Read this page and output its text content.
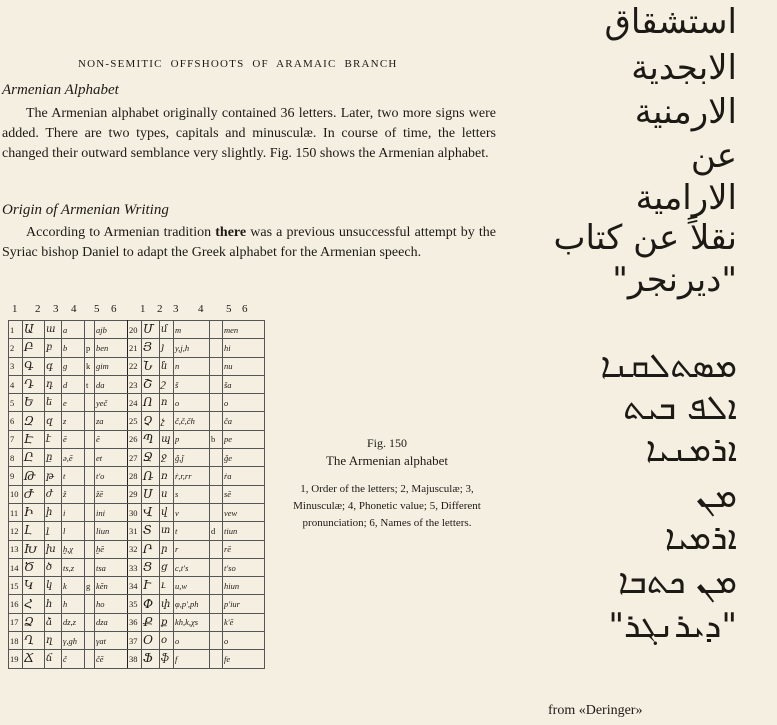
NON-SEMITIC OFFSHOOTS OF ARAMAIC BRANCH
Armenian Alphabet

The Armenian alphabet originally contained 36 letters. Later, two more signs were added. There are two types, capitals and minusculæ. In course of time, the letters changed their outward semblance very slightly. Fig. 150 shows the Armenian alphabet.

Origin of Armenian Writing

According to Armenian tradition there was a previous unsuccessful attempt by the Syriac bishop Daniel to adapt the Greek alphabet for the Armenian speech.

1 2 3 4 5 6 1 2 3 4 5 6
1	Ա	ա	a		ajb	20	Մ	մ	m		men
2	Բ	բ	b	p	ben	21	Յ	յ	y,j,h		hi
3	Գ	գ	g	k	gim	22	Ն	ն	n		nu
4	Դ	դ	d	t	da	23	Շ	շ	š		ša
5	Ե	ե	e		yeč	24	Ո	ո	o		o
6	Զ	զ	z		za	25	Չ	չ	č,č,čh		ča
7	Է	է	ē		ē	26	Պ	պ	p	b	pe
8	Ը	ը	ə,ē		et	27	Ջ	ջ	ǧ,ǰ		ǧe
9	Թ	թ	t		t'o	28	Ռ	ռ	ṙ,r,rr		ṙa
10	Ժ	ժ	ž		žē	29	Ս	ս	s		sē
11	Ի	ի	i		ini	30	Վ	վ	v		vew
12	Լ	լ	l		liun	31	Տ	տ	t	d	tiun
13	Խ	խ	ḫ,χ		ḫē	32	Ր	ր	r		rē
14	Ծ	ծ	ts,z		tsa	33	Ց	ց	c,t's		t'so
15	Կ	կ	k	g	kēn	34	Ւ	ւ	u,w		hiun
16	Հ	հ	h		ho	35	Փ	փ	φ,p',ph		p'iur
17	Ձ	ձ	dz,z		dza	36	Ք	ք	kh,k,χs		k'ē
18	Ղ	ղ	γ,gh		γat	37	Օ	օ	o		o
19	Ճ	ճ	č		čē	38	Ֆ	ֆ	f		fe
Fig. 150
The Armenian alphabet
1, Order of the letters; 2, Majusculæ; 3, Minusculæ; 4, Phonetic value; 5, Different pronunciation; 6, Names of the letters.
استشقاق
الابجدية
الارمنية
عن
الارامية
نقلاً عن كتاب
"ديرنجر"
ܡܣܬܠܩܢܐ
ܐܠܦ ܒܝܬ
ܐܪܡܢܝܐ
ܡܢ
ܐܪܡܝܐ
ܡܢ ܟܬܒܐ
"ܕܝܪܢܓܪ"
from «Deringer»
